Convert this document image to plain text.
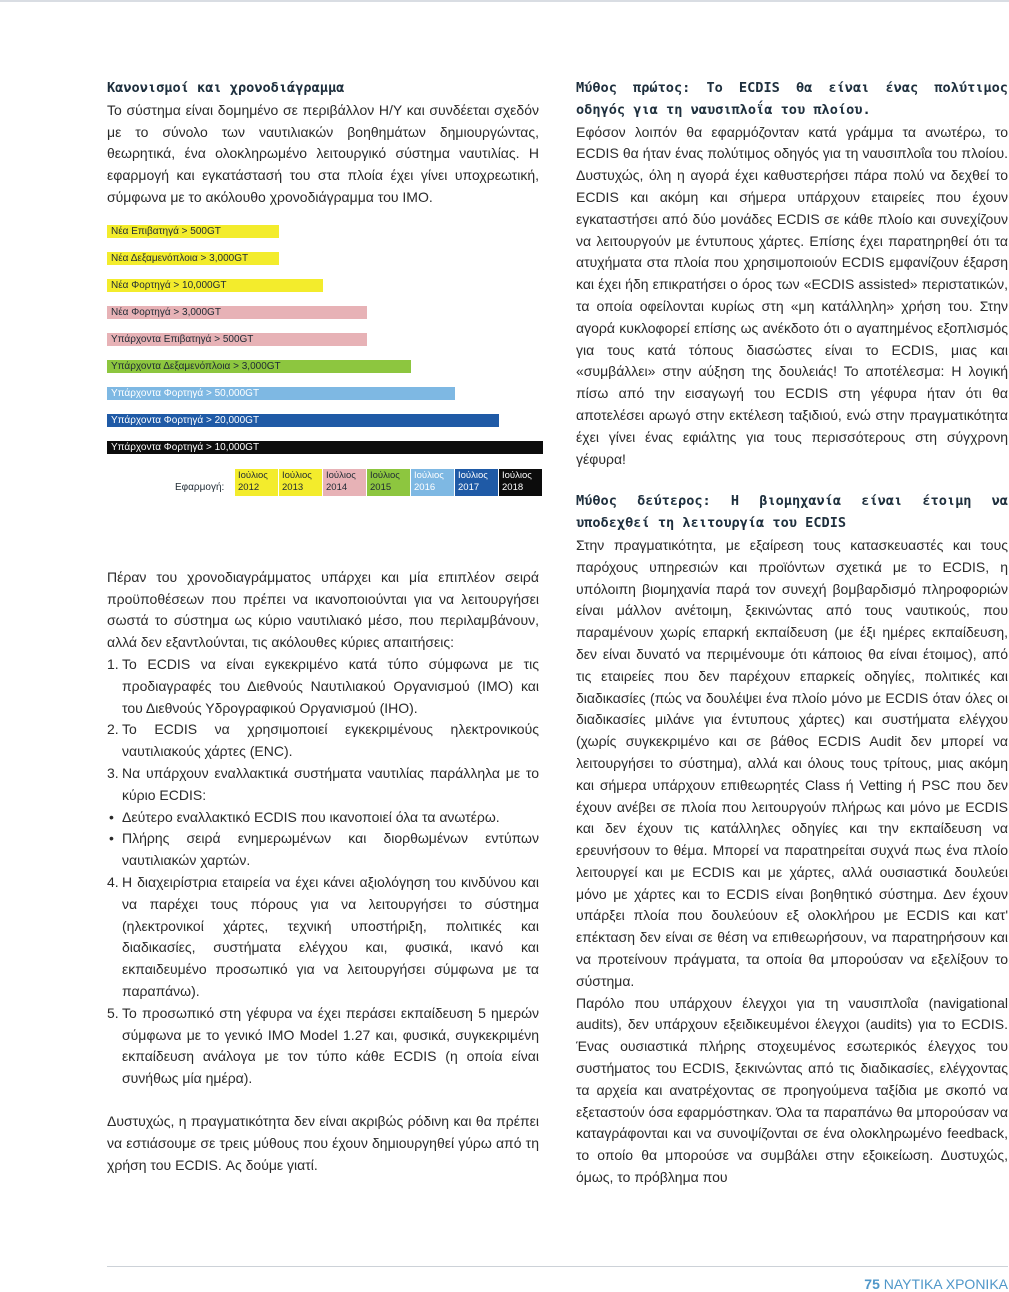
Κανονισμοί και χρονοδιάγραμμα

Το σύστημα είναι δομημένο σε περιβάλλον Η/Υ και συνδέεται σχεδόν με το σύνολο των ναυτιλιακών βοηθημάτων δημιουργώντας, θεωρητικά, ένα ολοκληρωμένο λειτουργικό σύστημα ναυτιλίας. Η εφαρμογή και εγκατάστασή του στα πλοία έχει γίνει υποχρεωτική, σύμφωνα με το ακόλουθο χρονοδιάγραμμα του ΙΜΟ.

Νέα Επιβατηγά > 500GT
Νέα Δεξαμενόπλοια > 3,000GT
Νέα Φορτηγά > 10,000GT
Νέα Φορτηγά > 3,000GT
Υπάρχοντα Επιβατηγά > 500GT
Υπάρχοντα Δεξαμενόπλοια > 3,000GT
Υπάρχοντα Φορτηγά > 50,000GT
Υπάρχοντα Φορτηγά > 20,000GT
Υπάρχοντα Φορτηγά > 10,000GT
Εφαρμογή:
Ιούλιος
2012
Ιούλιος
2013
Ιούλιος
2014
Ιούλιος
2015
Ιούλιος
2016
Ιούλιος
2017
Ιούλιος
2018

Πέραν του χρονοδιαγράμματος υπάρχει και μία επιπλέον σειρά προϋποθέσεων που πρέπει να ικανοποιούνται για να λειτουργήσει σωστά το σύστημα ως κύριο ναυτιλιακό μέσο, που περιλαμβάνουν, αλλά δεν εξαντλούνται, τις ακόλουθες κύριες απαιτήσεις:

1. Το ECDIS να είναι εγκεκριμένο κατά τύπο σύμφωνα με τις προδιαγραφές του Διεθνούς Ναυτιλιακού Οργανισμού (ΙΜΟ) και του Διεθνούς Υδρογραφικού Οργανισμού (IHO).
2. Το ECDIS να χρησιμοποιεί εγκεκριμένους ηλεκτρονικούς ναυτιλιακούς χάρτες (ENC).
3. Να υπάρχουν εναλλακτικά συστήματα ναυτιλίας παράλληλα με το κύριο ECDIS:
• Δεύτερο εναλλακτικό ECDIS που ικανοποιεί όλα τα ανωτέρω.
• Πλήρης σειρά ενημερωμένων και διορθωμένων εντύπων ναυτιλιακών χαρτών.
4. Η διαχειρίστρια εταιρεία να έχει κάνει αξιολόγηση του κινδύνου και να παρέχει τους πόρους για να λειτουργήσει το σύστημα (ηλεκτρονικοί χάρτες, τεχνική υποστήριξη, πολιτικές και διαδικασίες, συστήματα ελέγχου και, φυσικά, ικανό και εκπαιδευμένο προσωπικό για να λειτουργήσει σύμφωνα με τα παραπάνω).
5. Το προσωπικό στη γέφυρα να έχει περάσει εκπαίδευση 5 ημερών σύμφωνα με το γενικό ΙΜΟ Model 1.27 και, φυσικά, συγκεκριμένη εκπαίδευση ανάλογα με τον τύπο κάθε ECDIS (η οποία είναι συνήθως μία ημέρα).

Δυστυχώς, η πραγματικότητα δεν είναι ακριβώς ρόδινη και θα πρέπει να εστιάσουμε σε τρεις μύθους που έχουν δημιουργηθεί γύρω από τη χρήση του ECDIS. Ας δούμε γιατί.

Μύθος πρώτος: Το ECDIS θα είναι ένας πολύτιμος οδηγός για τη ναυσιπλοΐα του πλοίου.

Εφόσον λοιπόν θα εφαρμόζονταν κατά γράμμα τα ανωτέρω, το ECDIS θα ήταν ένας πολύτιμος οδηγός για τη ναυσιπλοΐα του πλοίου. Δυστυχώς, όλη η αγορά έχει καθυστερήσει πάρα πολύ να δεχθεί το ECDIS και ακόμη και σήμερα υπάρχουν εταιρείες που έχουν εγκαταστήσει από δύο μονάδες ECDIS σε κάθε πλοίο και συνεχίζουν να λειτουργούν με έντυπους χάρτες. Επίσης έχει παρατηρηθεί ότι τα ατυχήματα στα πλοία που χρησιμοποιούν ECDIS εμφανίζουν έξαρση και έχει ήδη επικρατήσει ο όρος των «ECDIS assisted» περιστατικών, τα οποία οφείλονται κυρίως στη «μη κατάλληλη» χρήση του. Στην αγορά κυκλοφορεί επίσης ως ανέκδοτο ότι ο αγαπημένος εξοπλισμός για τους κατά τόπους διασώστες είναι το ECDIS, μιας και «συμβάλλει» στην αύξηση της δουλειάς! Το αποτέλεσμα: Η λογική πίσω από την εισαγωγή του ECDIS στη γέφυρα ήταν ότι θα αποτελέσει αρωγό στην εκτέλεση ταξιδιού, ενώ στην πραγματικότητα έχει γίνει ένας εφιάλτης για τους περισσότερους στη σύγχρονη γέφυρα!

Μύθος δεύτερος: Η βιομηχανία είναι έτοιμη να υποδεχθεί τη λειτουργία του ECDIS

Στην πραγματικότητα, με εξαίρεση τους κατασκευαστές και τους παρόχους υπηρεσιών και προϊόντων σχετικά με το ECDIS, η υπόλοιπη βιομηχανία παρά τον συνεχή βομβαρδισμό πληροφοριών είναι μάλλον ανέτοιμη, ξεκινώντας από τους ναυτικούς, που παραμένουν χωρίς επαρκή εκπαίδευση (με έξι ημέρες εκπαίδευση, δεν είναι δυνατό να περιμένουμε ότι κάποιος θα είναι έτοιμος), από τις εταιρείες που δεν παρέχουν επαρκείς οδηγίες, πολιτικές και διαδικασίες (πώς να δουλέψει ένα πλοίο μόνο με ECDIS όταν όλες οι διαδικασίες μιλάνε για έντυπους χάρτες) και συστήματα ελέγχου (χωρίς συγκεκριμένο και σε βάθος ECDIS Audit δεν μπορεί να λειτουργήσει το σύστημα), αλλά και όλους τους τρίτους, μιας ακόμη και σήμερα υπάρχουν επιθεωρητές Class ή Vetting ή PSC που δεν έχουν ανέβει σε πλοία που λειτουργούν πλήρως και μόνο με ECDIS και δεν έχουν τις κατάλληλες οδηγίες και την εκπαίδευση να ερευνήσουν το θέμα. Μπορεί να παρατηρείται συχνά πως ένα πλοίο λειτουργεί και με ECDIS και με χάρτες, αλλά ουσιαστικά δουλεύει μόνο με χάρτες και το ECDIS είναι βοηθητικό σύστημα. Δεν έχουν υπάρξει πλοία που δουλεύουν εξ ολοκλήρου με ECDIS και κατ' επέκταση δεν είναι σε θέση να επιθεωρήσουν, να παρατηρήσουν και να προτείνουν πράγματα, τα οποία θα μπορούσαν να εξελίξουν το σύστημα.

Παρόλο που υπάρχουν έλεγχοι για τη ναυσιπλοΐα (navigational audits), δεν υπάρχουν εξειδικευμένοι έλεγχοι (audits) για το ECDIS. Ένας ουσιαστικά πλήρης στοχευμένος εσωτερικός έλεγχος του συστήματος του ECDIS, ξεκινώντας από τις διαδικασίες, ελέγχοντας τα αρχεία και ανατρέχοντας σε προηγούμενα ταξίδια με σκοπό να εξεταστούν όσα εφαρμόστηκαν. Όλα τα παραπάνω θα μπορούσαν να καταγράφονται και να συνοψίζονται σε ένα ολοκληρωμένο feedback, το οποίο θα μπορούσε να συμβάλει στην εξοικείωση. Δυστυχώς, όμως, το πρόβλημα που

75 ΝΑΥΤΙΚΑ ΧΡΟΝΙΚΑ
